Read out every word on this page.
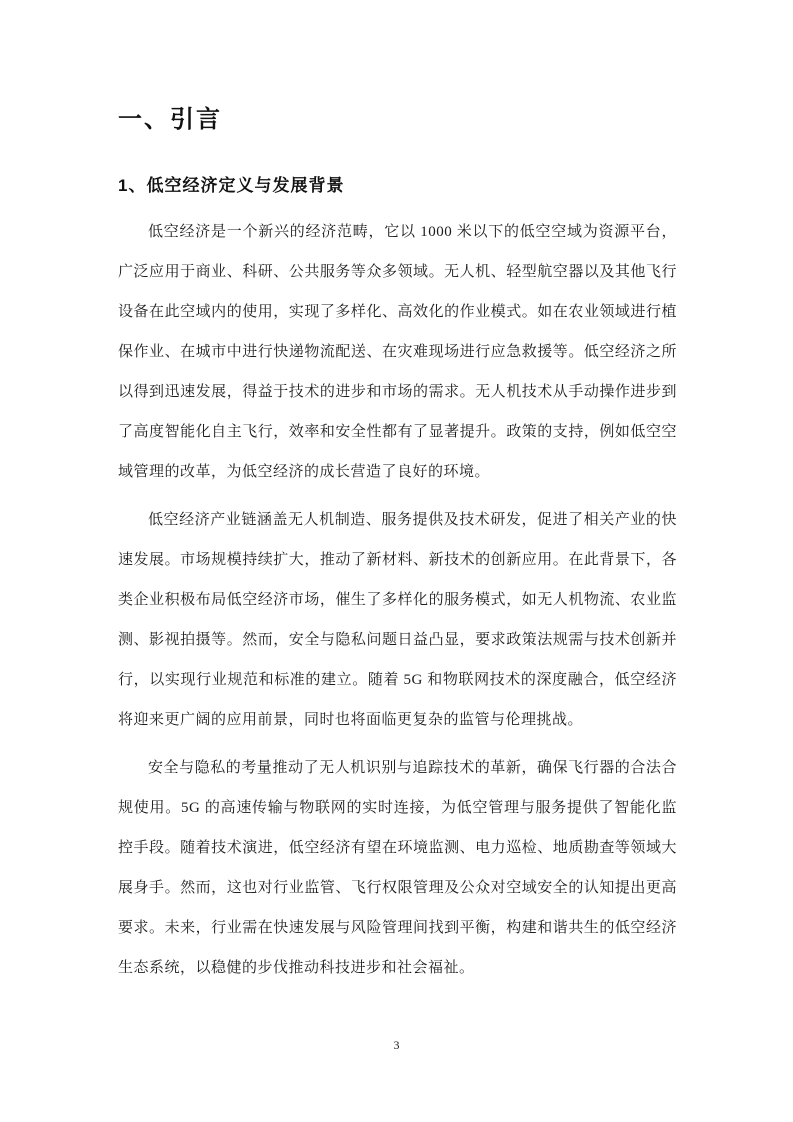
一、引言
1、低空经济定义与发展背景

低空经济是一个新兴的经济范畴，它以 1000 米以下的低空空域为资源平台，广泛应用于商业、科研、公共服务等众多领域。无人机、轻型航空器以及其他飞行设备在此空域内的使用，实现了多样化、高效化的作业模式。如在农业领域进行植保作业、在城市中进行快递物流配送、在灾难现场进行应急救援等。低空经济之所以得到迅速发展，得益于技术的进步和市场的需求。无人机技术从手动操作进步到了高度智能化自主飞行，效率和安全性都有了显著提升。政策的支持，例如低空空域管理的改革，为低空经济的成长营造了良好的环境。

低空经济产业链涵盖无人机制造、服务提供及技术研发，促进了相关产业的快速发展。市场规模持续扩大，推动了新材料、新技术的创新应用。在此背景下，各类企业积极布局低空经济市场，催生了多样化的服务模式，如无人机物流、农业监测、影视拍摄等。然而，安全与隐私问题日益凸显，要求政策法规需与技术创新并行，以实现行业规范和标准的建立。随着 5G 和物联网技术的深度融合，低空经济将迎来更广阔的应用前景，同时也将面临更复杂的监管与伦理挑战。

安全与隐私的考量推动了无人机识别与追踪技术的革新，确保飞行器的合法合规使用。5G 的高速传输与物联网的实时连接，为低空管理与服务提供了智能化监控手段。随着技术演进，低空经济有望在环境监测、电力巡检、地质勘查等领域大展身手。然而，这也对行业监管、飞行权限管理及公众对空域安全的认知提出更高要求。未来，行业需在快速发展与风险管理间找到平衡，构建和谐共生的低空经济生态系统，以稳健的步伐推动科技进步和社会福祉。

3
